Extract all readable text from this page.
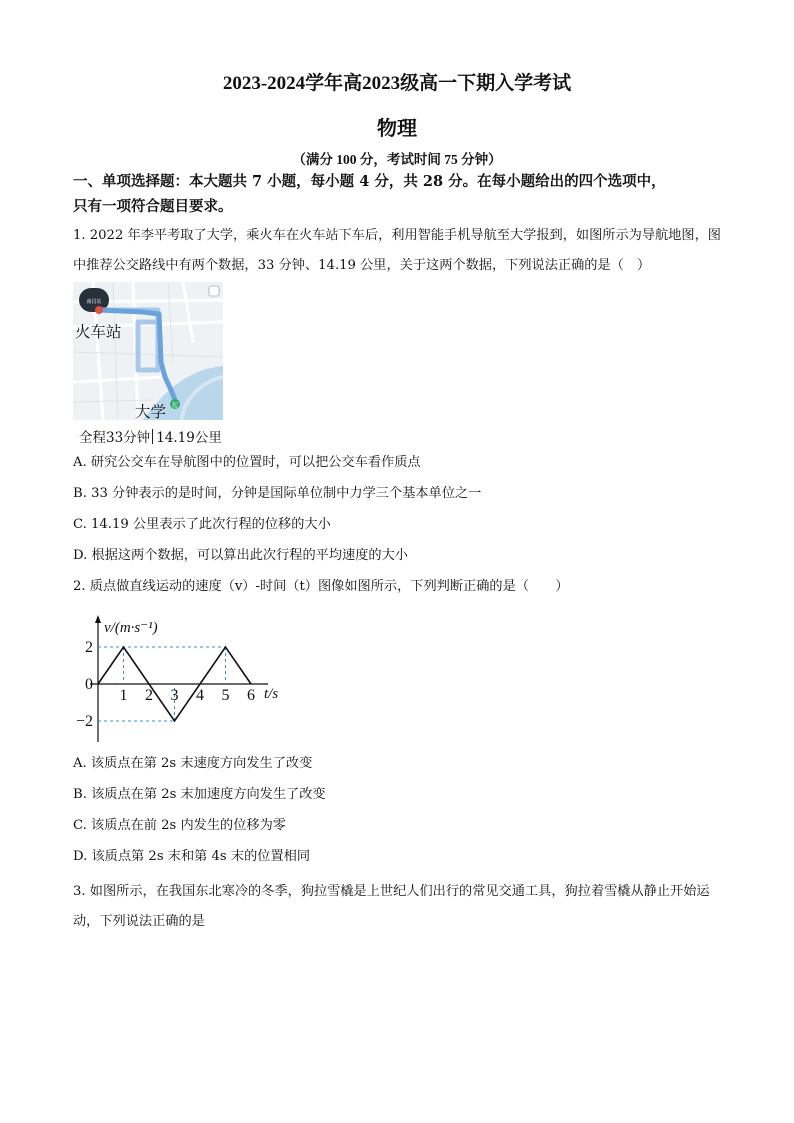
2023-2024学年高2023级高一下期入学考试
物理
（满分 100 分，考试时间 75 分钟）
一、单项选择题：本大题共 7 小题，每小题 4 分，共 28 分。在每小题给出的四个选项中，
只有一项符合题目要求。
1. 2022 年李平考取了大学，乘火车在火车站下车后，利用智能手机导航至大学报到，如图所示为导航地图，图中推荐公交路线中有两个数据，33 分钟、14.19 公里，关于这两个数据，下列说法正确的是（　）
南昌站
起
火车站
大学
全程33分钟 14.19公里
A. 研究公交车在导航图中的位置时，可以把公交车看作质点
B. 33 分钟表示的是时间，分钟是国际单位制中力学三个基本单位之一
C. 14.19 公里表示了此次行程的位移的大小
D. 根据这两个数据，可以算出此次行程的平均速度的大小
2. 质点做直线运动的速度（v）-时间（t）图像如图所示，下列判断正确的是（　　）
1 2 3 4 5 6
2
0
−2
v/(m·s⁻¹)
t/s
A. 该质点在第 2s 末速度方向发生了改变
B. 该质点在第 2s 末加速度方向发生了改变
C. 该质点在前 2s 内发生的位移为零
D. 该质点第 2s 末和第 4s 末的位置相同
3. 如图所示，在我国东北寒冷的冬季，狗拉雪橇是上世纪人们出行的常见交通工具，狗拉着雪橇从静止开始运动，下列说法正确的是
